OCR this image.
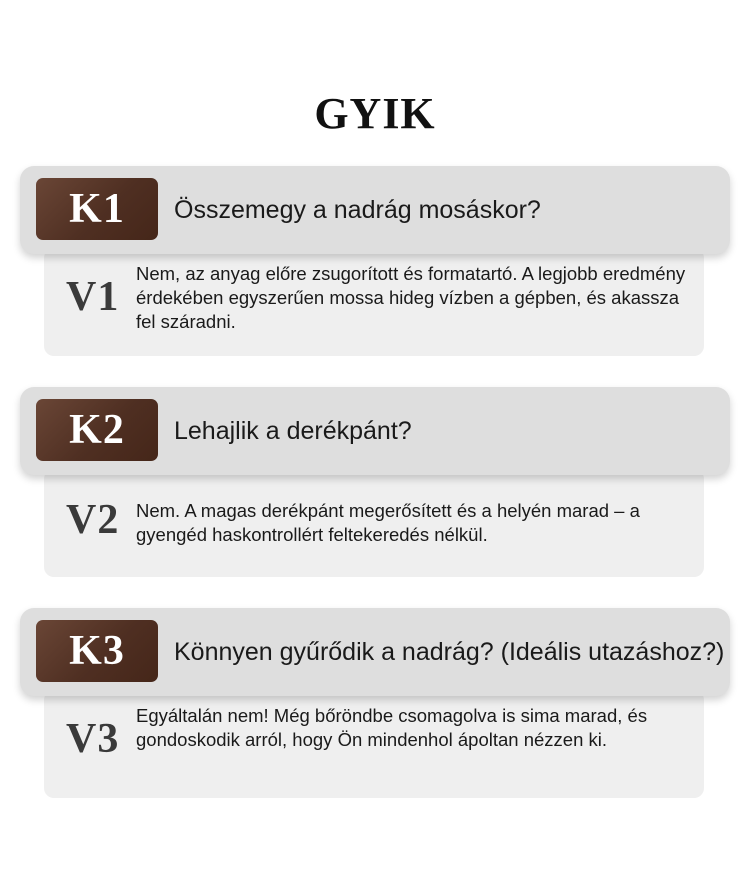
GYIK
K1	Összemegy a nadrág mosáskor?
V1
Nem, az anyag előre zsugorított és formatartó. A legjobb eredmény érdekében egyszerűen mossa hideg vízben a gépben, és akassza fel száradni.
K2	Lehajlik a derékpánt?
V2 Nem. A magas derékpánt megerősített és a helyén marad – a gyengéd haskontrollért feltekeredés nélkül.
K3	Könnyen gyűrődik a nadrág? (Ideális utazáshoz?)
V3
Egyáltalán nem! Még bőröndbe csomagolva is sima marad, és gondoskodik arról, hogy Ön mindenhol ápoltan nézzen ki.
